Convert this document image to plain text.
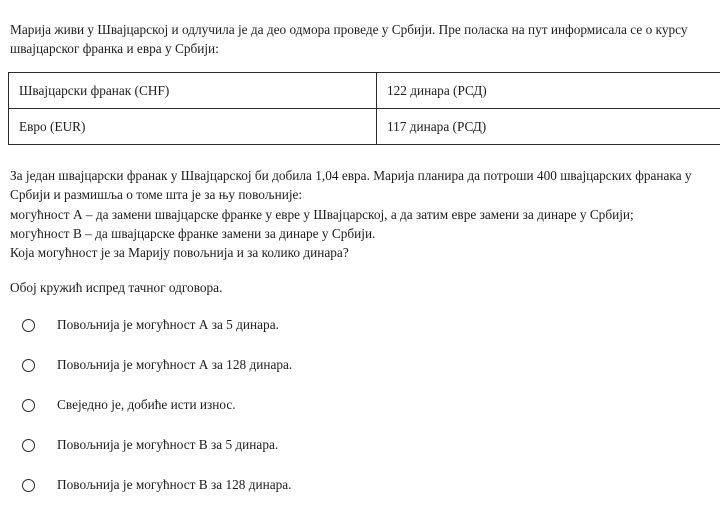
Марија живи у Швајцарској и одлучила је да део одмора проведе у Србији. Пре поласка на пут информисала се о курсу швајцарског франка и евра у Србији:
Швајцарски франак (CHF)	122 динара (РСД)
Евро (EUR)	117 динара (РСД)
За један швајцарски франак у Швајцарској би добила 1,04 евра. Марија планира да потроши 400 швајцарских франака у Србији и размишља о томе шта је за њу повољније:
могућност А – да замени швајцарске франке у евре у Швајцарској, а да затим евре замени за динаре у Србији;
могућност В – да швајцарске франке замени за динаре у Србији.
Која могућност је за Марију повољнија и за колико динара?
Обој кружић испред тачног одговора.
Повољнија је могућност А за 5 динара.
Повољнија је могућност А за 128 динара.
Свеједно је, добиће исти износ.
Повољнија је могућност В за 5 динара.
Повољнија је могућност В за 128 динара.
